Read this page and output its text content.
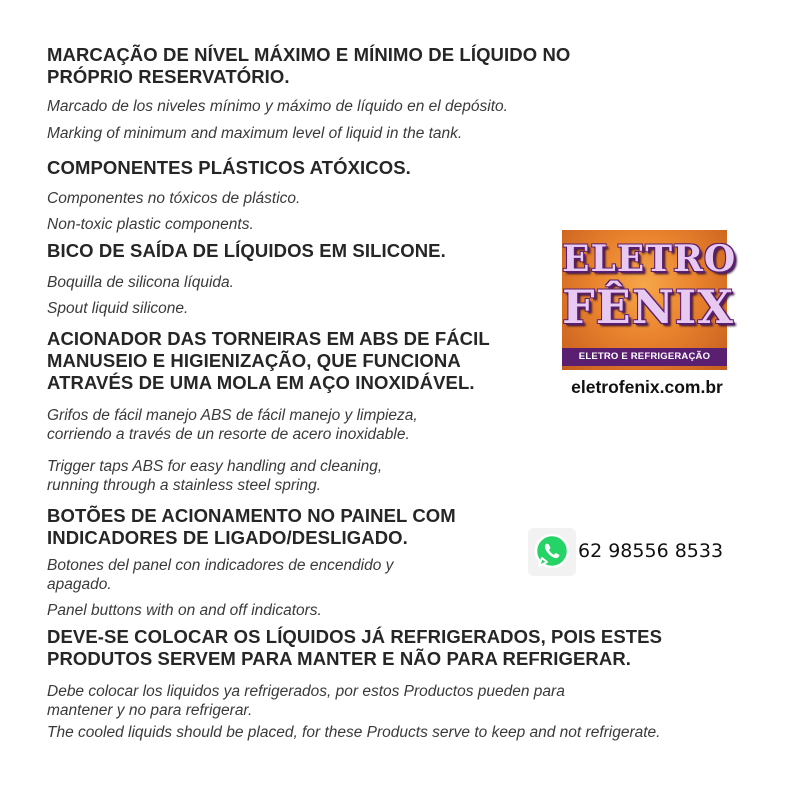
MARCAÇÃO DE NÍVEL MÁXIMO E MÍNIMO DE LÍQUIDO NO
PRÓPRIO RESERVATÓRIO.
Marcado de los niveles mínimo y máximo de líquido en el depósito.
Marking of minimum and maximum level of liquid in the tank.
COMPONENTES PLÁSTICOS ATÓXICOS.
Componentes no tóxicos de plástico.
Non-toxic plastic components.
BICO DE SAÍDA DE LÍQUIDOS EM SILICONE.
Boquilla de silicona líquida.
Spout liquid silicone.
ACIONADOR DAS TORNEIRAS EM ABS DE FÁCIL
MANUSEIO E HIGIENIZAÇÃO, QUE FUNCIONA
ATRAVÉS DE UMA MOLA EM AÇO INOXIDÁVEL.
Grifos de fácil manejo ABS de fácil manejo y limpieza,
corriendo a través de un resorte de acero inoxidable.
Trigger taps ABS for easy handling and cleaning,
running through a stainless steel spring.
BOTÕES DE ACIONAMENTO NO PAINEL COM
INDICADORES DE LIGADO/DESLIGADO.
Botones del panel con indicadores de encendido y
apagado.
Panel buttons with on and off indicators.
DEVE-SE COLOCAR OS LÍQUIDOS JÁ REFRIGERADOS, POIS ESTES
PRODUTOS SERVEM PARA MANTER E NÃO PARA REFRIGERAR.
Debe colocar los liquidos ya refrigerados, por estos Productos pueden para
mantener y no para refrigerar.
The cooled liquids should be placed, for these Products serve to keep and not refrigerate.
ELETRO
FÊNIX
ELETRO E REFRIGERAÇÃO COMERCIAL
eletrofenix.com.br
62 98556 8533
